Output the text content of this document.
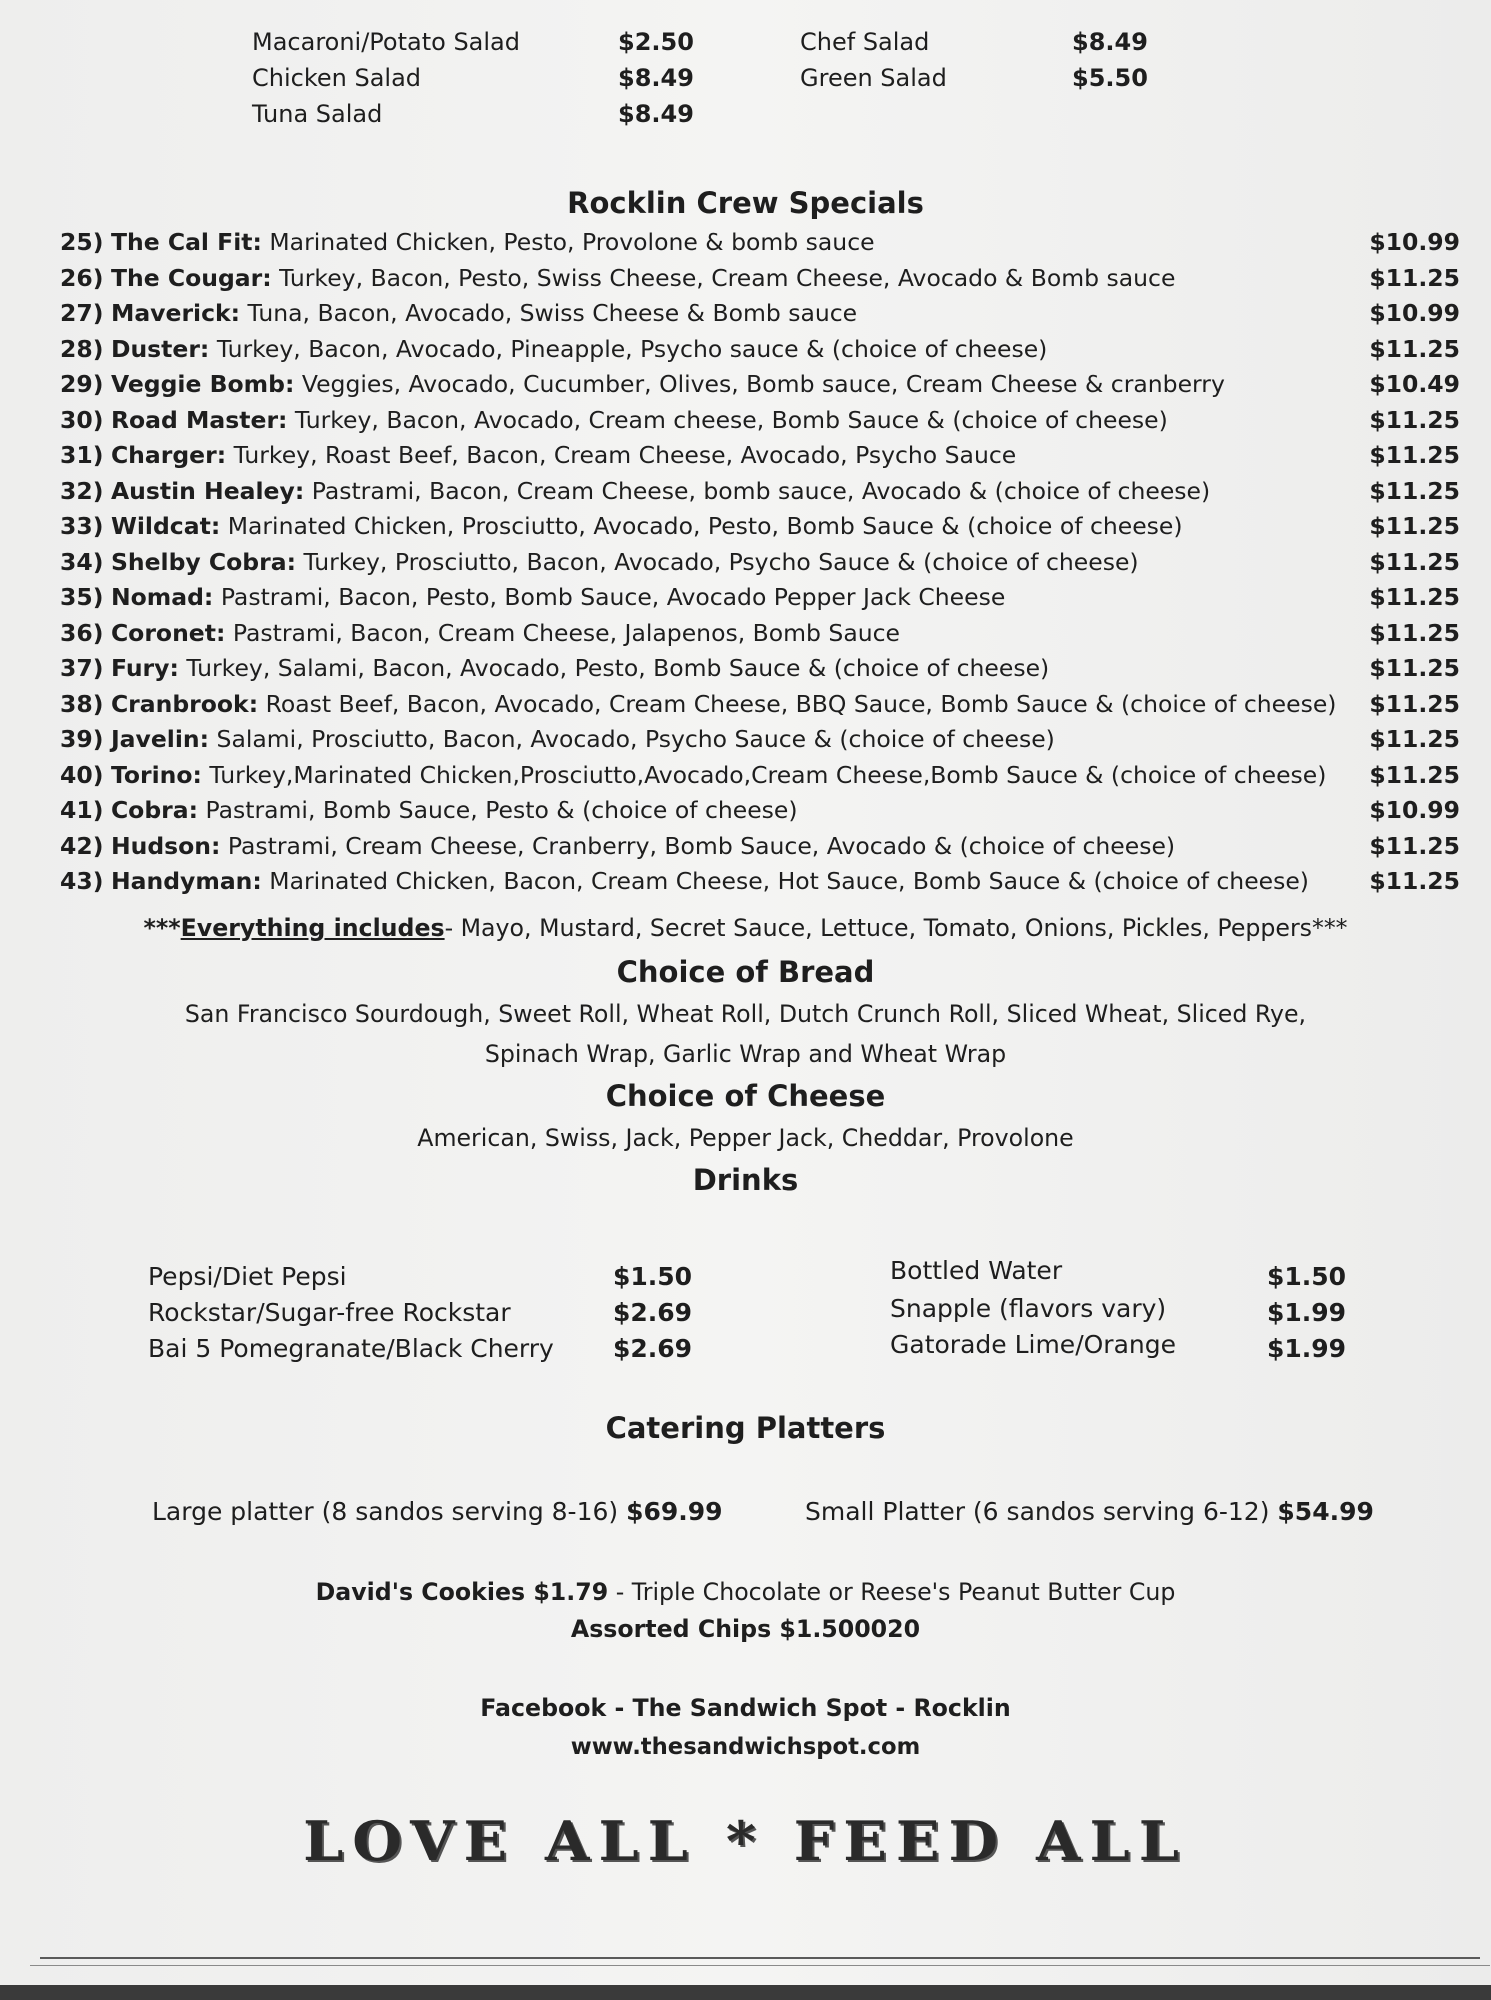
Macaroni/Potato Salad	$2.50
Chicken Salad	$8.49
Tuna Salad	$8.49
Chef Salad	$8.49
Green Salad	$5.50
Rocklin Crew Specials
25) The Cal Fit: Marinated Chicken, Pesto, Provolone & bomb sauce	$10.99
26) The Cougar: Turkey, Bacon, Pesto, Swiss Cheese, Cream Cheese, Avocado & Bomb sauce	$11.25
27) Maverick: Tuna, Bacon, Avocado, Swiss Cheese & Bomb sauce	$10.99
28) Duster: Turkey, Bacon, Avocado, Pineapple, Psycho sauce & (choice of cheese)	$11.25
29) Veggie Bomb: Veggies, Avocado, Cucumber, Olives, Bomb sauce, Cream Cheese & cranberry	$10.49
30) Road Master: Turkey, Bacon, Avocado, Cream cheese, Bomb Sauce & (choice of cheese)	$11.25
31) Charger: Turkey, Roast Beef, Bacon, Cream Cheese, Avocado, Psycho Sauce	$11.25
32) Austin Healey: Pastrami, Bacon, Cream Cheese, bomb sauce, Avocado & (choice of cheese)	$11.25
33) Wildcat: Marinated Chicken, Prosciutto, Avocado, Pesto, Bomb Sauce & (choice of cheese)	$11.25
34) Shelby Cobra: Turkey, Prosciutto, Bacon, Avocado, Psycho Sauce & (choice of cheese)	$11.25
35) Nomad: Pastrami, Bacon, Pesto, Bomb Sauce, Avocado Pepper Jack Cheese	$11.25
36) Coronet: Pastrami, Bacon, Cream Cheese, Jalapenos, Bomb Sauce	$11.25
37) Fury: Turkey, Salami, Bacon, Avocado, Pesto, Bomb Sauce & (choice of cheese)	$11.25
38) Cranbrook: Roast Beef, Bacon, Avocado, Cream Cheese, BBQ Sauce, Bomb Sauce & (choice of cheese) $11.25
39) Javelin: Salami, Prosciutto, Bacon, Avocado, Psycho Sauce & (choice of cheese)	$11.25
40) Torino: Turkey,Marinated Chicken,Prosciutto,Avocado,Cream Cheese,Bomb Sauce & (choice of cheese) $11.25
41) Cobra: Pastrami, Bomb Sauce, Pesto & (choice of cheese)	$10.99
42) Hudson: Pastrami, Cream Cheese, Cranberry, Bomb Sauce, Avocado & (choice of cheese)	$11.25
43) Handyman: Marinated Chicken, Bacon, Cream Cheese, Hot Sauce, Bomb Sauce & (choice of cheese)	$11.25
***Everything includes- Mayo, Mustard, Secret Sauce, Lettuce, Tomato, Onions, Pickles, Peppers***
Choice of Bread
San Francisco Sourdough, Sweet Roll, Wheat Roll, Dutch Crunch Roll, Sliced Wheat, Sliced Rye,
Spinach Wrap, Garlic Wrap and Wheat Wrap
Choice of Cheese
American, Swiss, Jack, Pepper Jack, Cheddar, Provolone
Drinks
Pepsi/Diet Pepsi	$1.50
Rockstar/Sugar-free Rockstar	$2.69
Bai 5 Pomegranate/Black Cherry $2.69
Bottled Water	$1.50
Snapple (flavors vary)	$1.99
Gatorade Lime/Orange	$1.99
Catering Platters
Large platter (8 sandos serving 8-16) $69.99	Small Platter (6 sandos serving 6-12) $54.99
David's Cookies $1.79 - Triple Chocolate or Reese's Peanut Butter Cup
Assorted Chips $1.500020
Facebook - The Sandwich Spot - Rocklin
www.thesandwichspot.com
LOVE ALL * FEED ALL
